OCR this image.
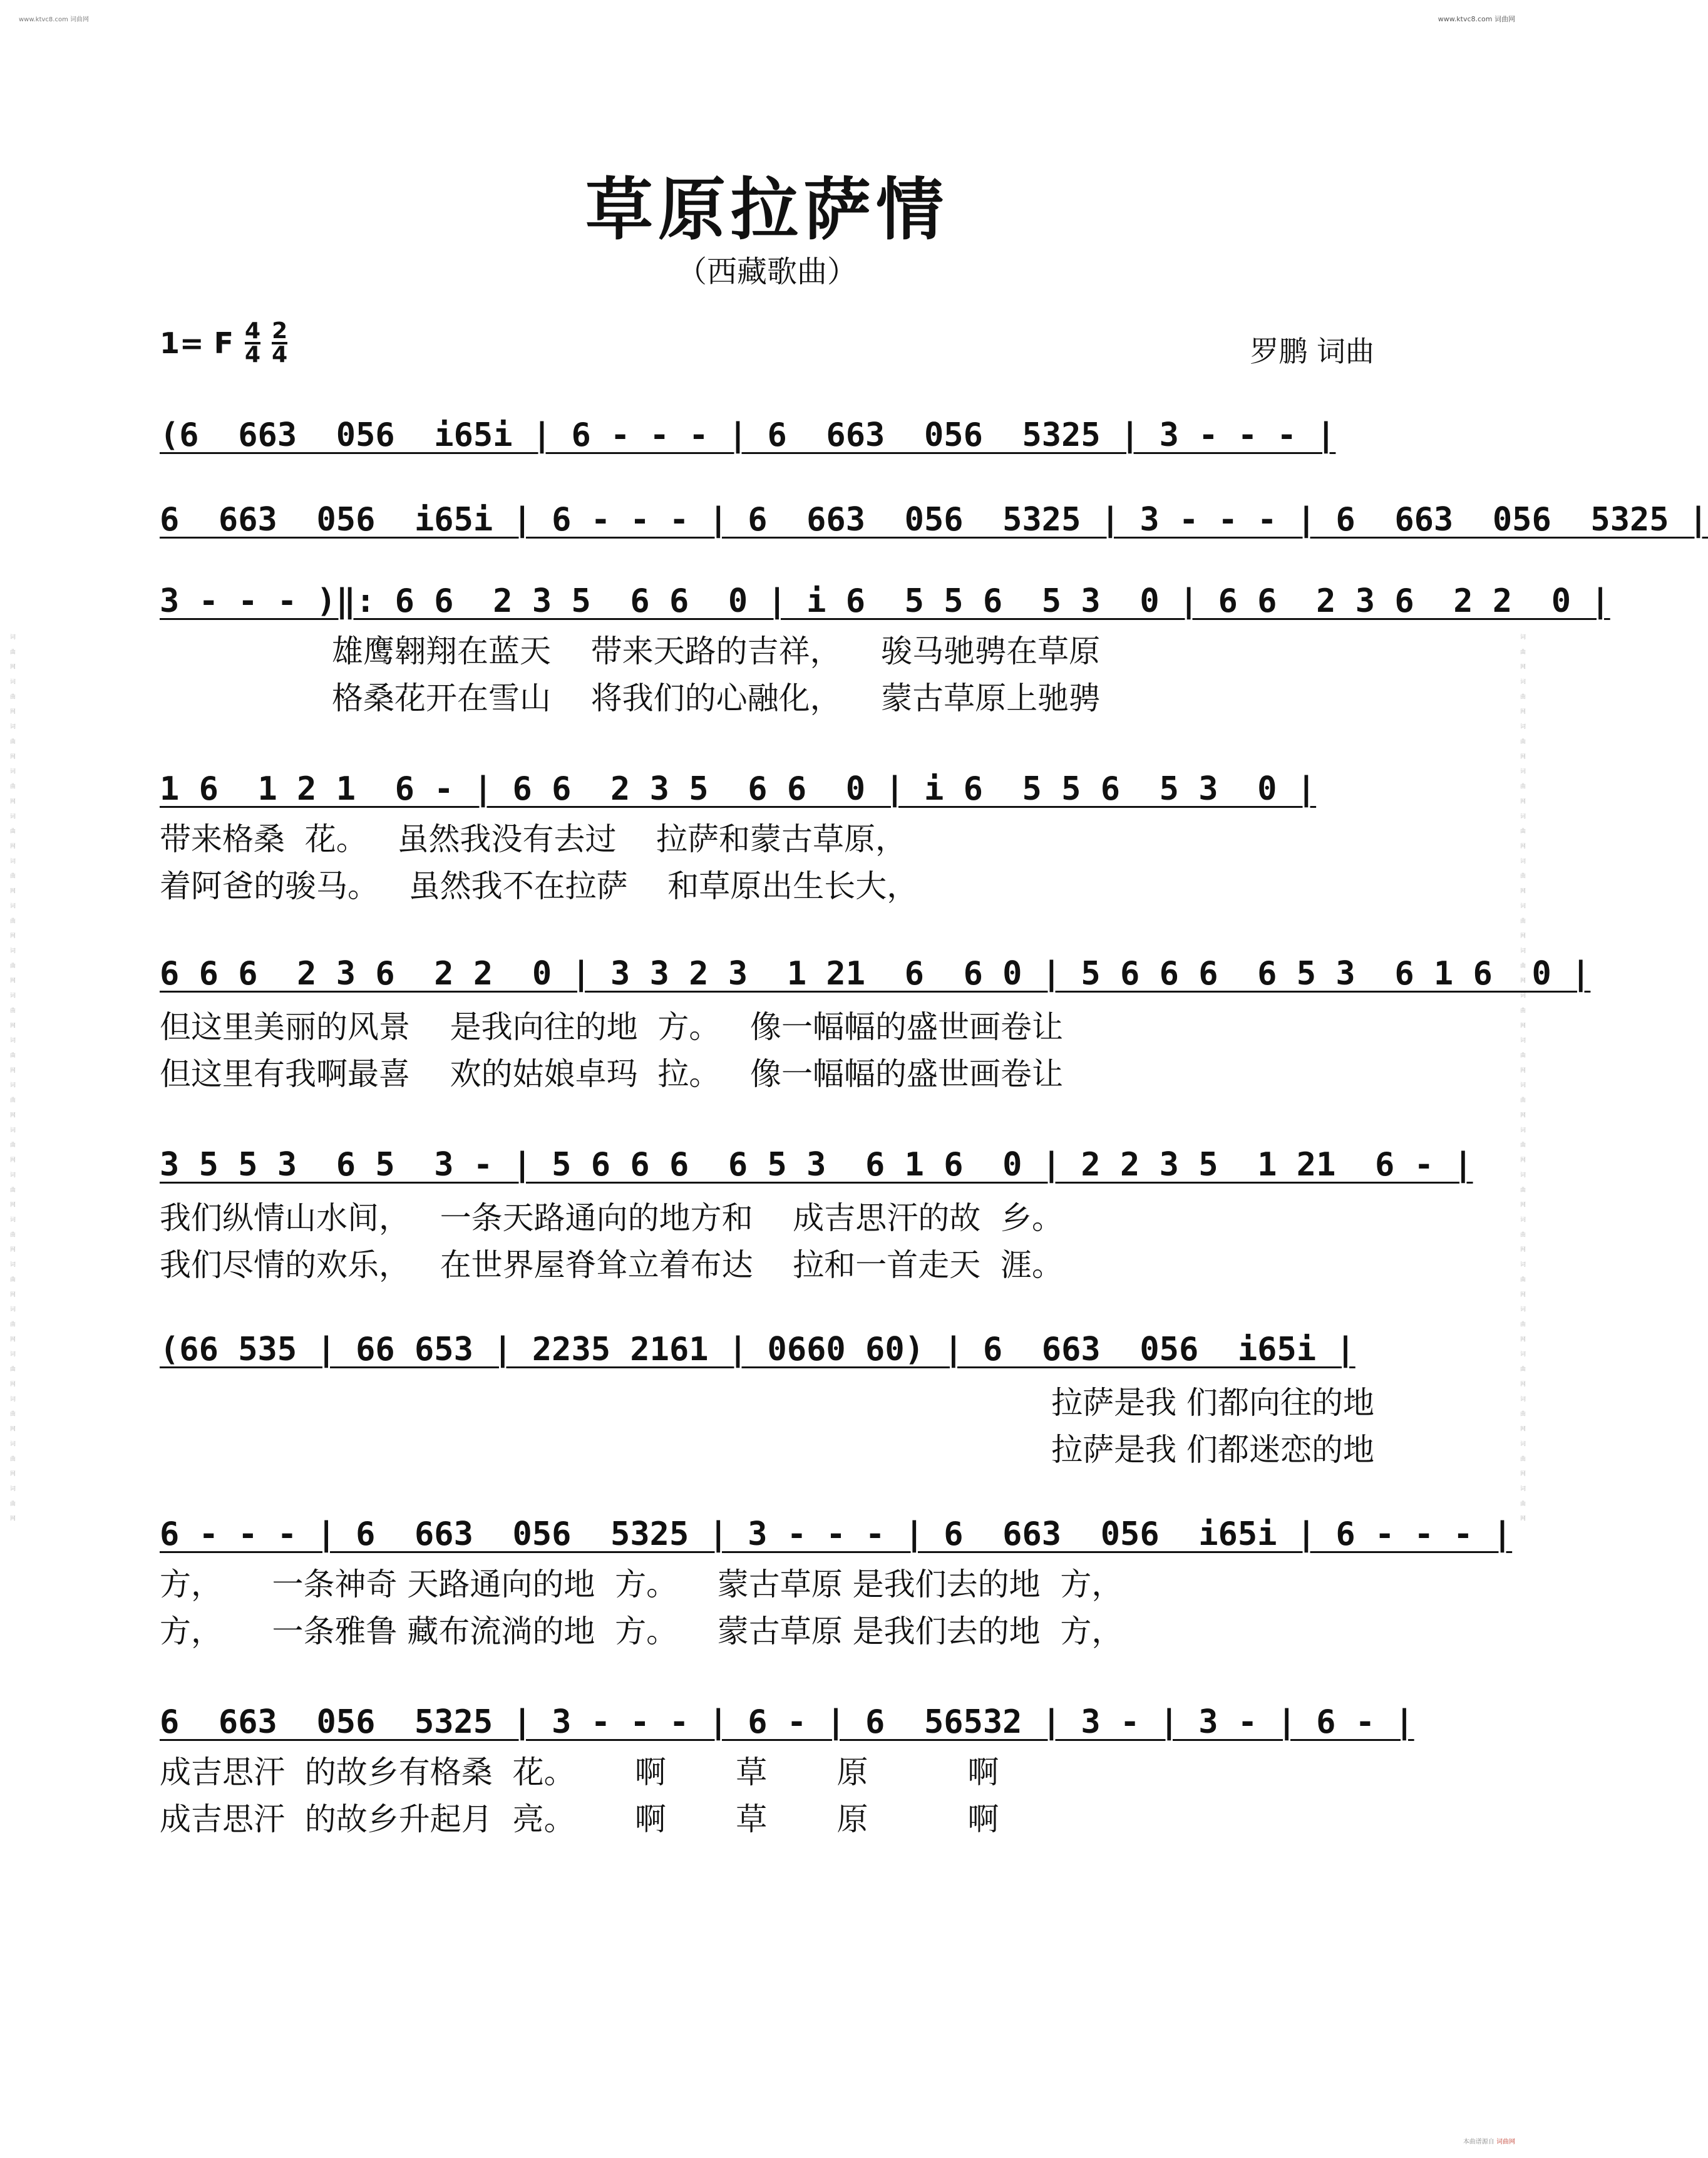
词 曲 网 词 曲 网 词 曲 网 词 曲 网 词 曲 网 词 曲 网 词 曲 网 词 曲 网 词 曲 网 词 曲 网 词 曲 网 词 曲 网 词 曲 网 词 曲 网 词 曲 网 词 曲 网 词 曲 网 词 曲 网 词 曲 网 词 曲 网	词 曲 网 词 曲 网 词 曲 网 词 曲 网 词 曲 网 词 曲 网 词 曲 网 词 曲 网 词 曲 网 词 曲 网 词 曲 网 词 曲 网 词 曲 网 词 曲 网 词 曲 网 词 曲 网 词 曲 网 词 曲 网 词 曲 网 词 曲 网
www.ktvc8.com 词曲网	www.ktvc8.com 词曲网
本曲谱源自 词曲网
草原拉萨情
（西藏歌曲）
1= F $\frac{4}{4} \frac{2}{4}$	罗鹏 词曲
(6  663  056  i65i | 6 - - - | 6  663  056  5325 | 3 - - - |
6  663  056  i65i | 6 - - - | 6  663  056  5325 | 3 - - - | 6  663  056  5325 |
3 - - - )‖: 6 6  2 3 5  6 6  0 | i 6  5 5 6  5 3  0 | 6 6  2 3 6  2 2  0 |
雄鹰翱翔在蓝天    带来天路的吉祥，    骏马驰骋在草原
格桑花开在雪山    将我们的心融化，    蒙古草原上驰骋
1 6  1 2 1  6 - | 6 6  2 3 5  6 6  0 | i 6  5 5 6  5 3  0 |
带来格桑  花。   虽然我没有去过    拉萨和蒙古草原，
着阿爸的骏马。   虽然我不在拉萨    和草原出生长大，
6 6 6  2 3 6  2 2  0 | 3 3 2 3  1 21  6  6 0 | 5 6 6 6  6 5 3  6 1 6  0 |
但这里美丽的风景    是我向往的地  方。   像一幅幅的盛世画卷让
但这里有我啊最喜    欢的姑娘卓玛  拉。   像一幅幅的盛世画卷让
3 5 5 3  6 5  3 - | 5 6 6 6  6 5 3  6 1 6  0 | 2 2 3 5  1 21  6 - |
我们纵情山水间，   一条天路通向的地方和    成吉思汗的故  乡。
我们尽情的欢乐，   在世界屋脊耸立着布达    拉和一首走天  涯。
(66 535 | 66 653 | 2235 2161 | 0660 60) | 6  663  056  i65i |
拉萨是我 们都向往的地
拉萨是我 们都迷恋的地
6 - - - | 6  663  056  5325 | 3 - - - | 6  663  056  i65i | 6 - - - |
方，     一条神奇 天路通向的地  方。    蒙古草原 是我们去的地  方，
方，     一条雅鲁 藏布流淌的地  方。    蒙古草原 是我们去的地  方，
6  663  056  5325 | 3 - - - | 6 - | 6  56532 | 3 - | 3 - | 6 - |
成吉思汗  的故乡有格桑  花。      啊       草       原          啊
成吉思汗  的故乡升起月  亮。      啊       草       原          啊
